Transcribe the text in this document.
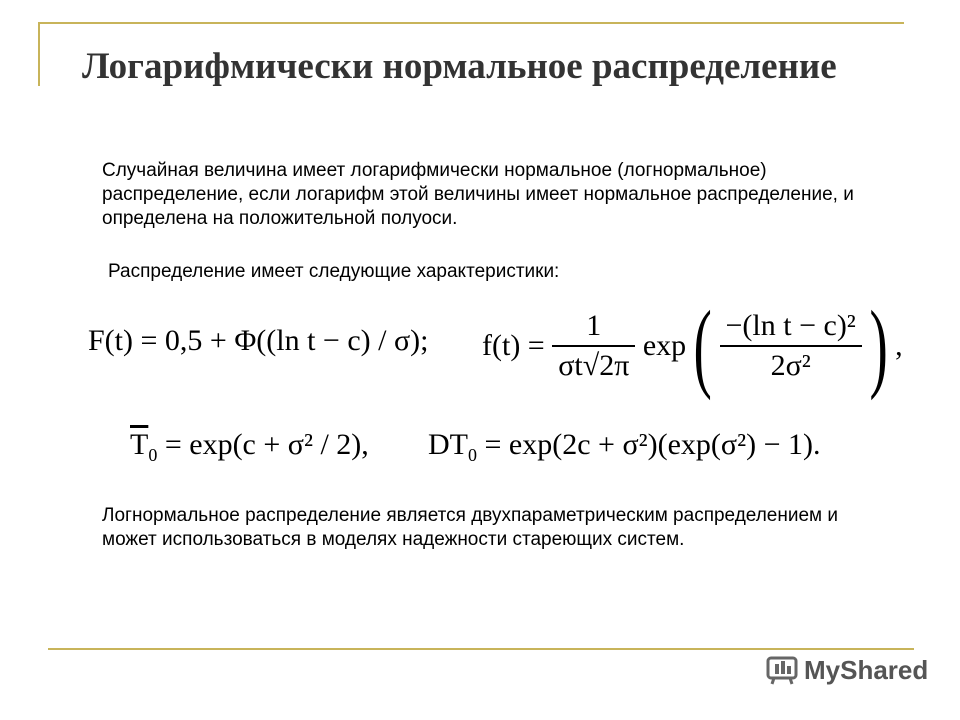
Логарифмически нормальное распределение

Случайная величина имеет логарифмически нормальное (логнормальное) распределение, если логарифм этой величины имеет нормальное распределение, и определена на положительной полуоси.

Распределение имеет следующие характеристики:

F(t) = 0,5 + Φ((ln t − c) / σ); $f(t) = \frac{1}{\sigma t√2\pi} \exp( \frac{\text{−(ln t − c)²}}{\text{2σ²}}$ ) ,
$\overline{T}_0 = \exp(c + \sigma^2 / 2)$, $DT_0 = \exp(2c + \sigma^2)(\exp(\sigma^2) - 1)$.

Логнормальное распределение является двухпараметрическим распределением и может использоваться в моделях надежности стареющих систем.

MyShared
